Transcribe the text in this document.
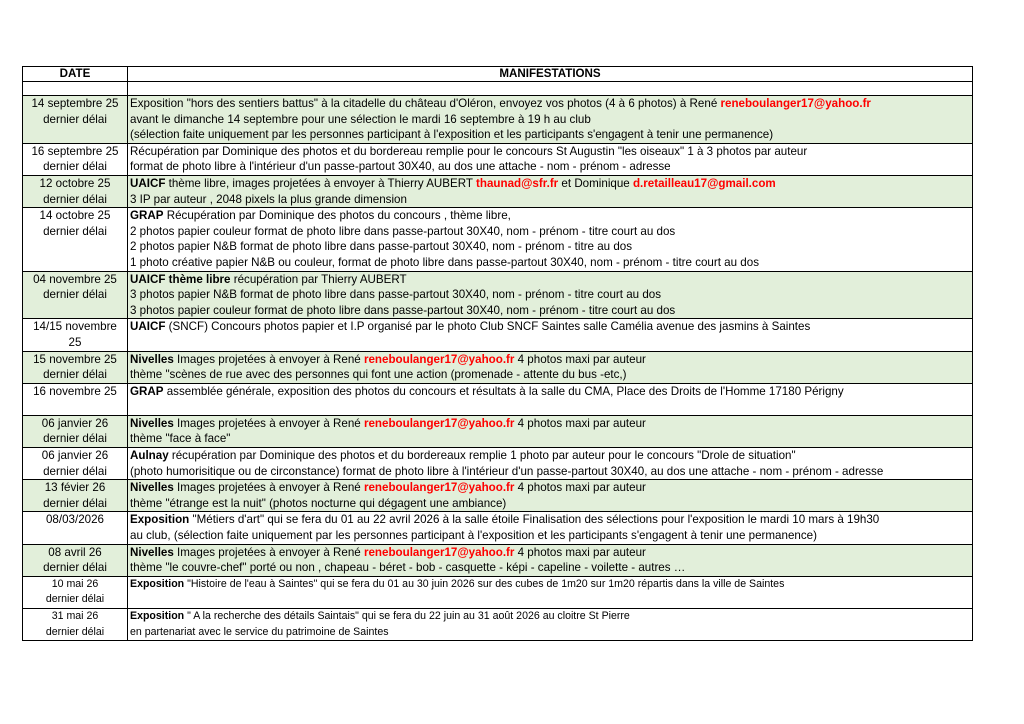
DATE	MANIFESTATIONS

14 septembre 25
dernier délai	Exposition "hors des sentiers battus" à la citadelle du château d'Oléron, envoyez vos photos (4 à 6 photos) à René reneboulanger17@yahoo.fr
avant le dimanche 14 septembre pour une sélection le mardi 16 septembre à 19 h au club
(sélection faite uniquement par les personnes participant à l'exposition et les participants s'engagent à tenir une permanence)

16 septembre 25
dernier délai	Récupération par Dominique des photos et du bordereau remplie pour le concours St Augustin "les oiseaux" 1 à 3 photos par auteur
format de photo libre à l'intérieur d'un passe-partout 30X40, au dos une attache - nom - prénom - adresse

12 octobre 25
dernier délai	UAICF thème libre, images projetées à envoyer à Thierry AUBERT thaunad@sfr.fr et Dominique d.retailleau17@gmail.com
3 IP par auteur , 2048 pixels la plus grande dimension

14 octobre 25
dernier délai	GRAP Récupération par Dominique des photos du concours , thème libre,
2 photos papier couleur format de photo libre dans passe-partout 30X40, nom - prénom - titre court au dos
2 photos papier N&B format de photo libre dans passe-partout 30X40, nom - prénom - titre au dos
1 photo créative papier N&B ou couleur, format de photo libre dans passe-partout 30X40, nom - prénom - titre court au dos

04 novembre 25
dernier délai	UAICF thème libre récupération par Thierry AUBERT
3 photos papier N&B format de photo libre dans passe-partout 30X40, nom - prénom - titre court au dos
3 photos papier couleur format de photo libre dans passe-partout 30X40, nom - prénom - titre court au dos

14/15 novembre
25	UAICF (SNCF) Concours photos papier et I.P organisé par le photo Club SNCF Saintes salle Camélia avenue des jasmins à Saintes

15 novembre 25
dernier délai	Nivelles Images projetées à envoyer à René reneboulanger17@yahoo.fr 4 photos maxi par auteur
thème "scènes de rue avec des personnes qui font une action (promenade - attente du bus -etc,)

16 novembre 25	GRAP assemblée générale, exposition des photos du concours et résultats à la salle du CMA, Place des Droits de l'Homme 17180 Périgny

06 janvier 26
dernier délai	Nivelles Images projetées à envoyer à René reneboulanger17@yahoo.fr 4 photos maxi par auteur
thème "face à face"

06 janvier 26
dernier délai	Aulnay récupération par Dominique des photos et du bordereaux remplie 1 photo par auteur pour le concours "Drole de situation"
(photo humorisitique ou de circonstance) format de photo libre à l'intérieur d'un passe-partout 30X40, au dos une attache - nom - prénom - adresse

13 févier 26
dernier délai	Nivelles Images projetées à envoyer à René reneboulanger17@yahoo.fr 4 photos maxi par auteur
thème "étrange est la nuit" (photos nocturne qui dégagent une ambiance)

08/03/2026	Exposition "Métiers d'art" qui se fera du 01 au 22 avril 2026 à la salle étoile Finalisation des sélections pour l'exposition le mardi 10 mars à 19h30
au club, (sélection faite uniquement par les personnes participant à l'exposition et les participants s'engagent à tenir une permanence)

08 avril 26
dernier délai	Nivelles Images projetées à envoyer à René reneboulanger17@yahoo.fr 4 photos maxi par auteur
thème "le couvre-chef" porté ou non , chapeau - béret - bob - casquette - képi - capeline - voilette - autres …

10 mai 26
dernier délai	Exposition "Histoire de l'eau à Saintes" qui se fera du 01 au 30 juin 2026 sur des cubes de 1m20 sur 1m20 répartis dans la ville de Saintes

31 mai 26
dernier délai	Exposition " A la recherche des détails Saintais" qui se fera du 22 juin au 31 août 2026 au cloitre St Pierre
en partenariat avec le service du patrimoine de Saintes
